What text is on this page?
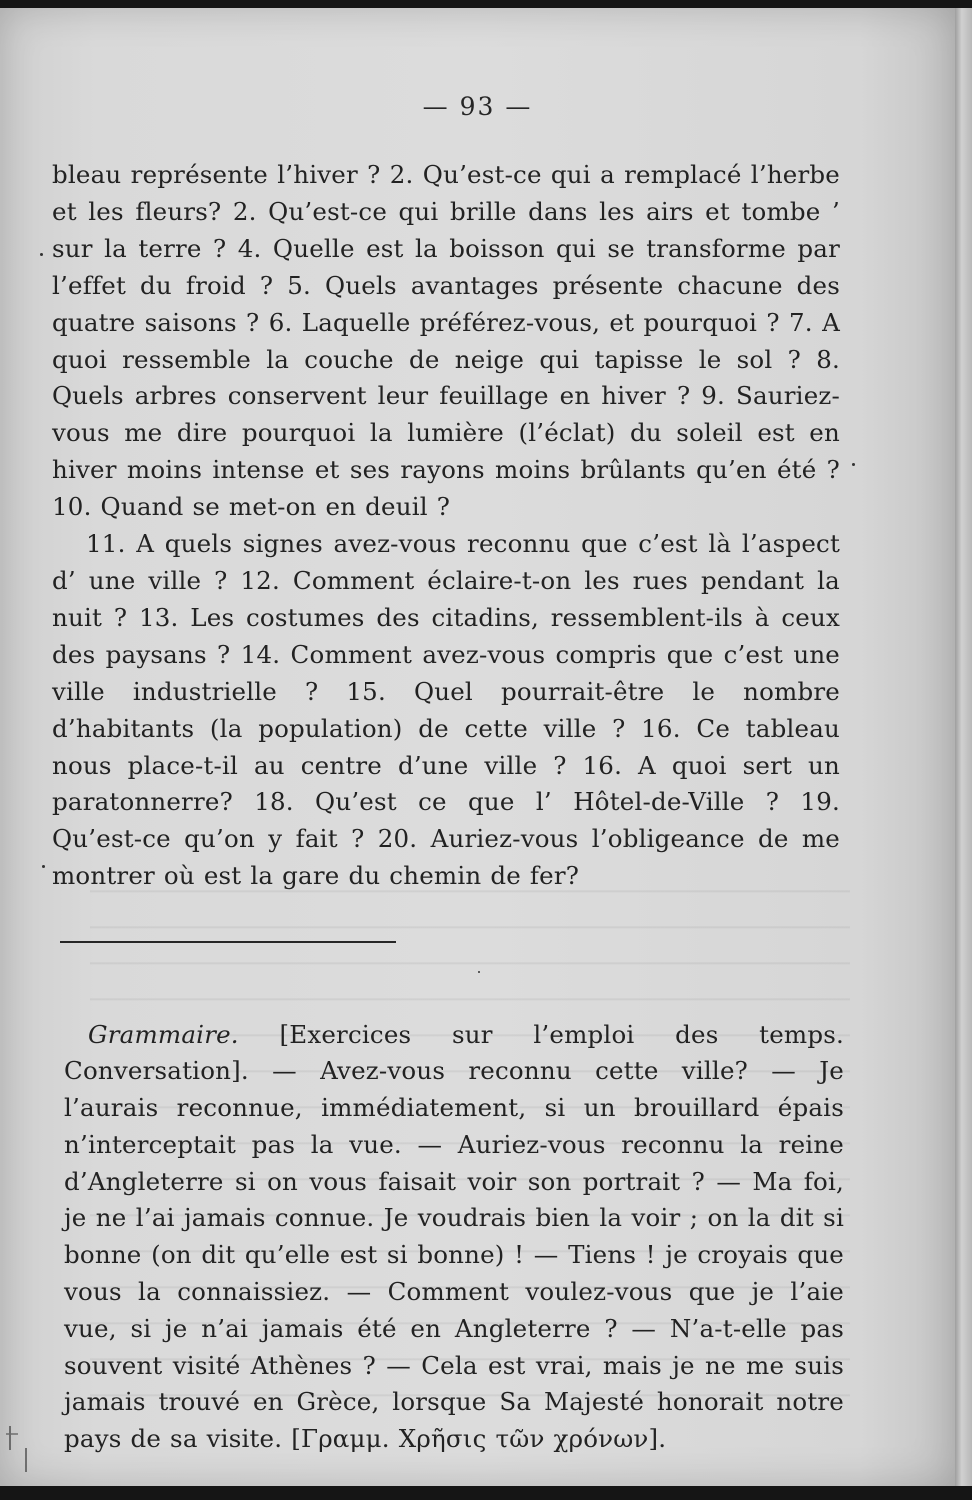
— 93 —

bleau représente l’hiver ? 2. Qu’est-ce qui a remplacé l’herbe et les fleurs? 2. Qu’est-ce qui brille dans les airs et tombe ’ sur la terre ? 4. Quelle est la boisson qui se transforme par l’effet du froid ? 5. Quels avantages présente chacune des quatre saisons ? 6. Laquelle préférez-vous, et pourquoi ? 7. A quoi ressemble la couche de neige qui tapisse le sol ? 8. Quels arbres conservent leur feuillage en hiver ? 9. Sauriez-vous me dire pourquoi la lumière (l’éclat) du soleil est en hiver moins intense et ses rayons moins brûlants qu’en été ? 10. Quand se met-on en deuil ?

11. A quels signes avez-vous reconnu que c’est là l’aspect d’ une ville ? 12. Comment éclaire-t-on les rues pendant la nuit ? 13. Les costumes des citadins, ressemblent-ils à ceux des paysans ? 14. Comment avez-vous compris que c’est une ville industrielle ? 15. Quel pourrait-être le nombre d’habitants (la population) de cette ville ? 16. Ce tableau nous place-t-il au centre d’une ville ? 16. A quoi sert un paratonnerre? 18. Qu’est ce que l’ Hôtel-de-Ville ? 19. Qu’est-ce qu’on y fait ? 20. Auriez-vous l’obligeance de me montrer où est la gare du chemin de fer?

Grammaire. [Exercices sur l’emploi des temps. Conversation]. — Avez-vous reconnu cette ville? — Je l’aurais reconnue, immédiatement, si un brouillard épais n’interceptait pas la vue. — Auriez-vous reconnu la reine d’Angleterre si on vous faisait voir son portrait ? — Ma foi, je ne l’ai jamais connue. Je voudrais bien la voir ; on la dit si bonne (on dit qu’elle est si bonne) ! — Tiens ! je croyais que vous la connaissiez. — Comment voulez-vous que je l’aie vue, si je n’ai jamais été en Angleterre ? — N’a-t-elle pas souvent visité Athènes ? — Cela est vrai, mais je ne me suis jamais trouvé en Grèce, lorsque Sa Majesté honorait notre pays de sa visite. [Γραμμ. Χρῆσις τῶν χρόνων].
